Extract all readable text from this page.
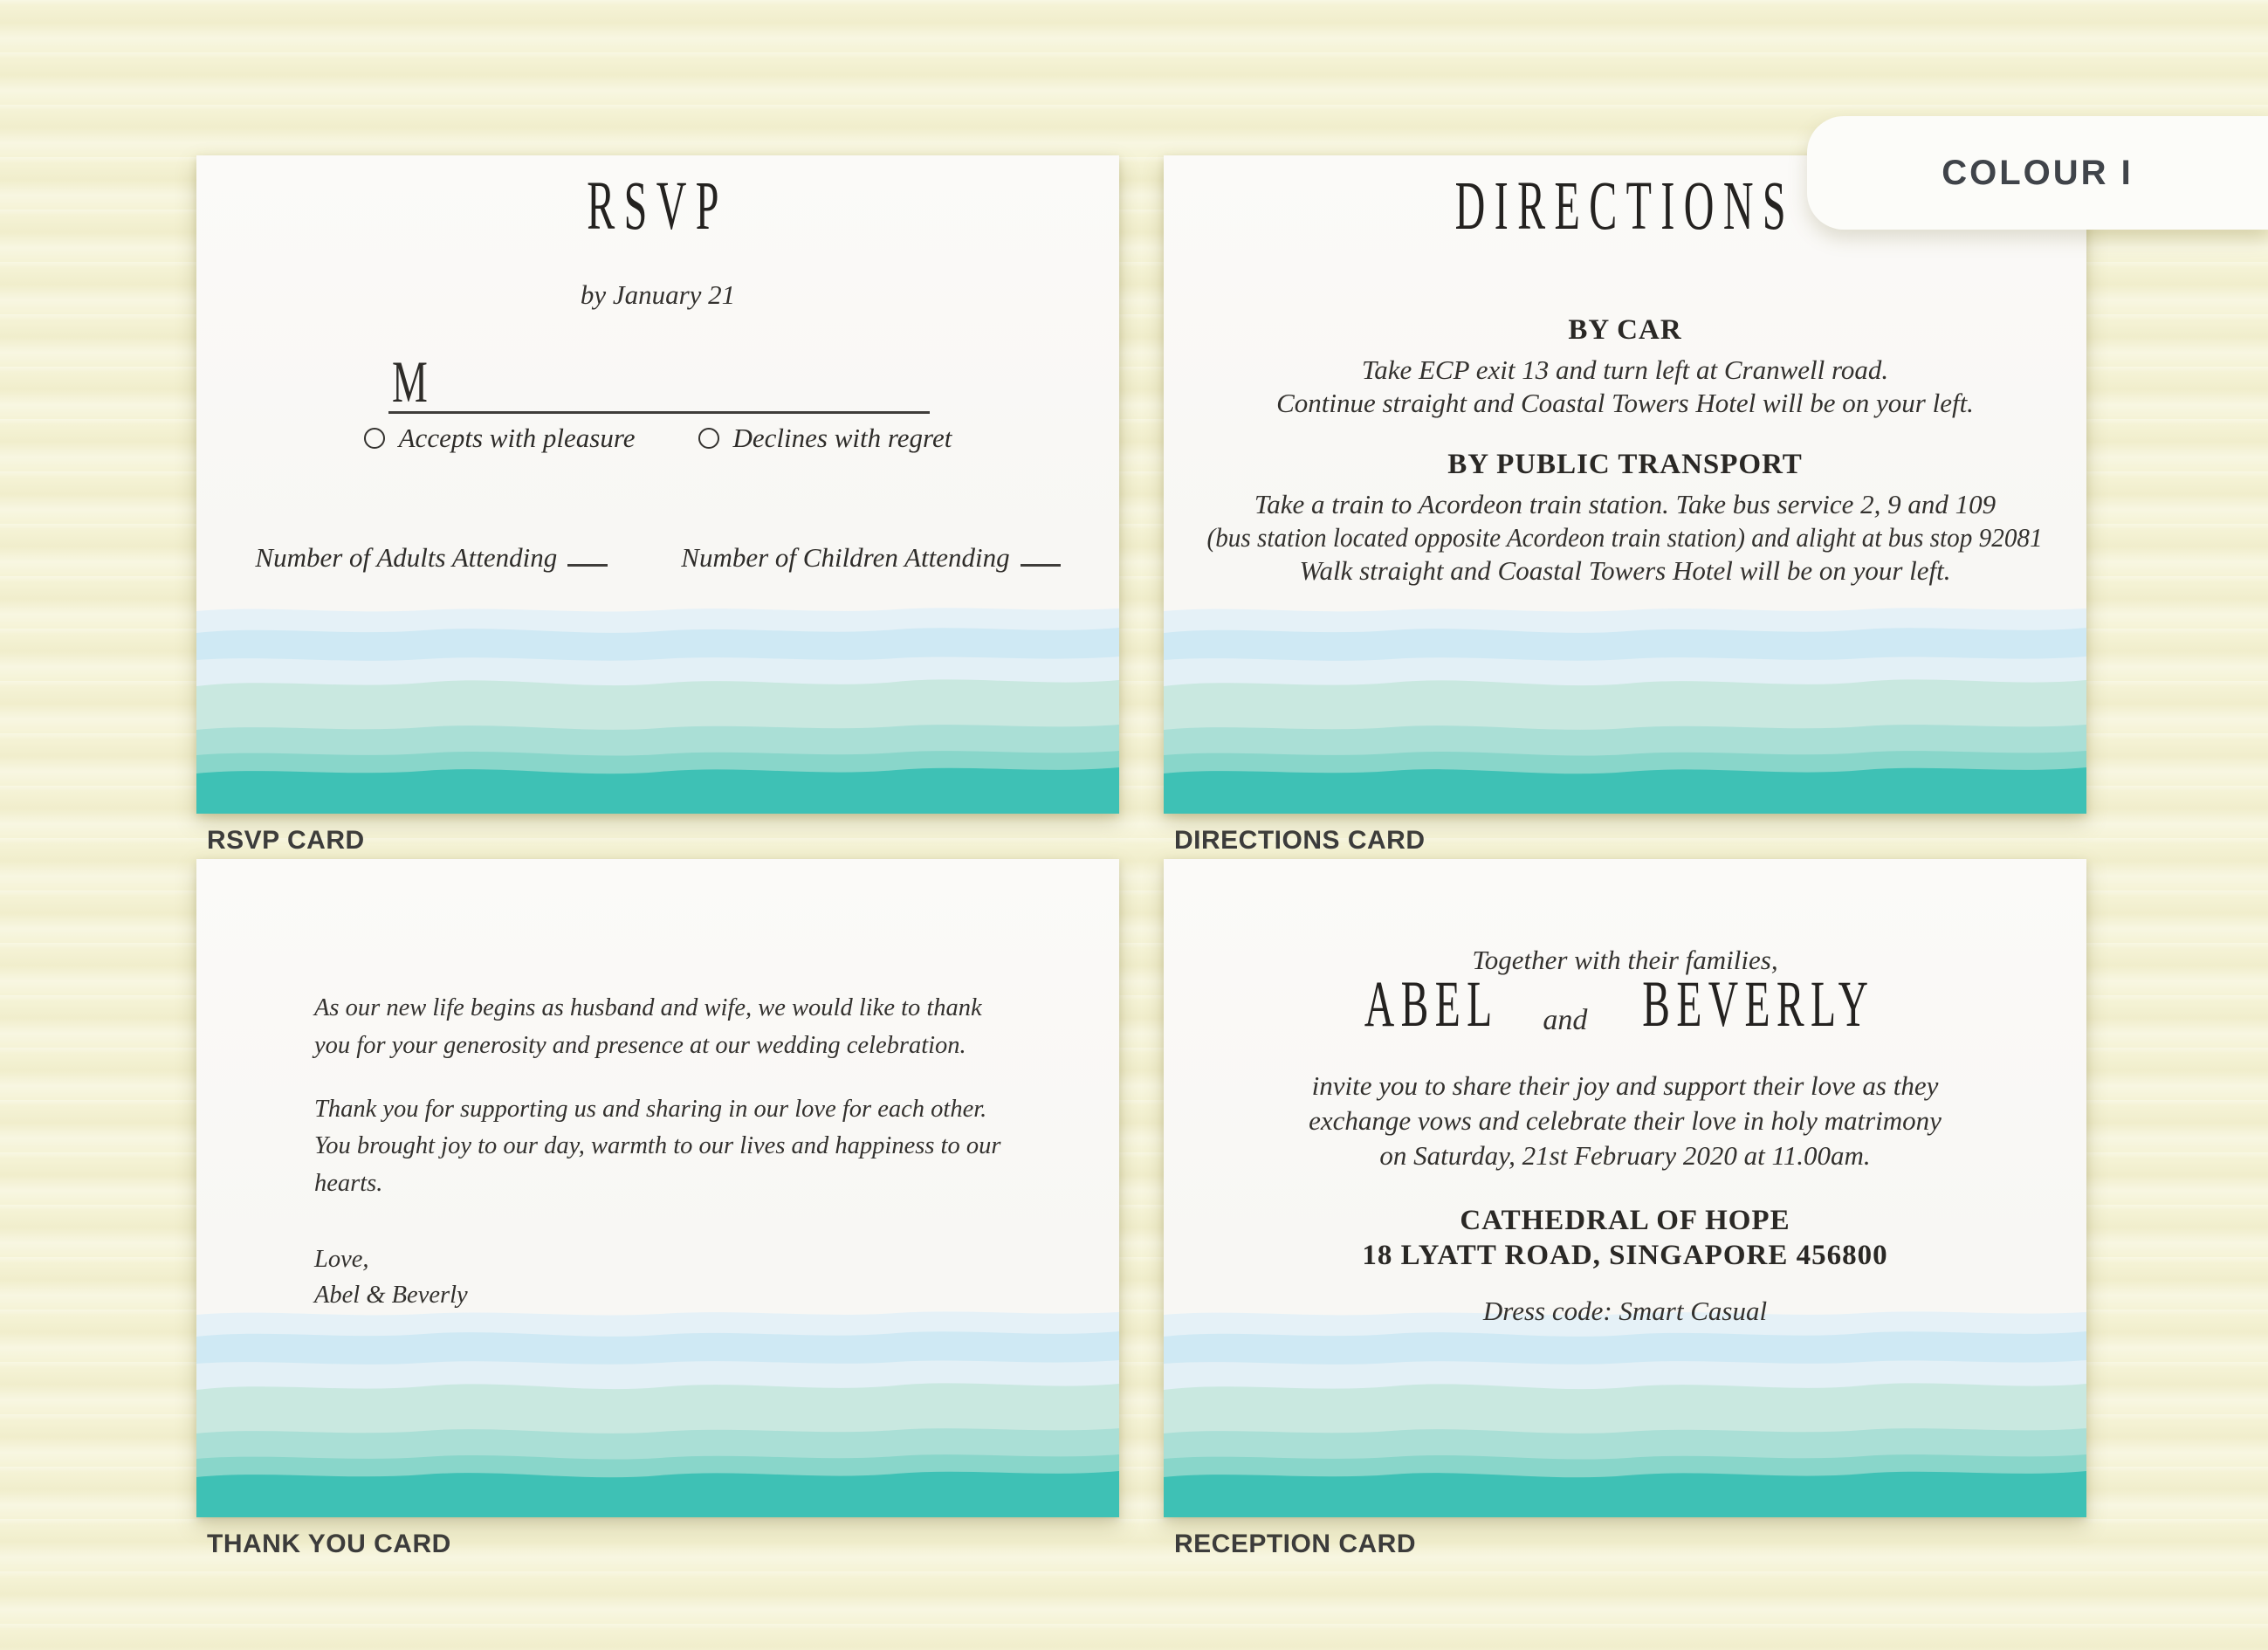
RSVP
by January 21
M
Accepts with pleasure	Declines with regret
Number of Adults Attending	Number of Children Attending
RSVP CARD
DIRECTIONS
BY CAR
Take ECP exit 13 and turn left at Cranwell road.
Continue straight and Coastal Towers Hotel will be on your left.
BY PUBLIC TRANSPORT
Take a train to Acordeon train station. Take bus service 2, 9 and 109
(bus station located opposite Acordeon train station) and alight at bus stop 92081
Walk straight and Coastal Towers Hotel will be on your left.
DIRECTIONS CARD

As our new life begins as husband and wife, we would like to thank you for your generosity and presence at our wedding celebration.

Thank you for supporting us and sharing in our love for each other. You brought joy to our day, warmth to our lives and happiness to our hearts.

Love,
Abel & Beverly
THANK YOU CARD
Together with their families,
ABEL and BEVERLY
invite you to share their joy and support their love as they
exchange vows and celebrate their love in holy matrimony
on Saturday, 21st February 2020 at 11.00am.
CATHEDRAL OF HOPE
18 LYATT ROAD, SINGAPORE 456800
Dress code: Smart Casual
RECEPTION CARD
COLOUR I
